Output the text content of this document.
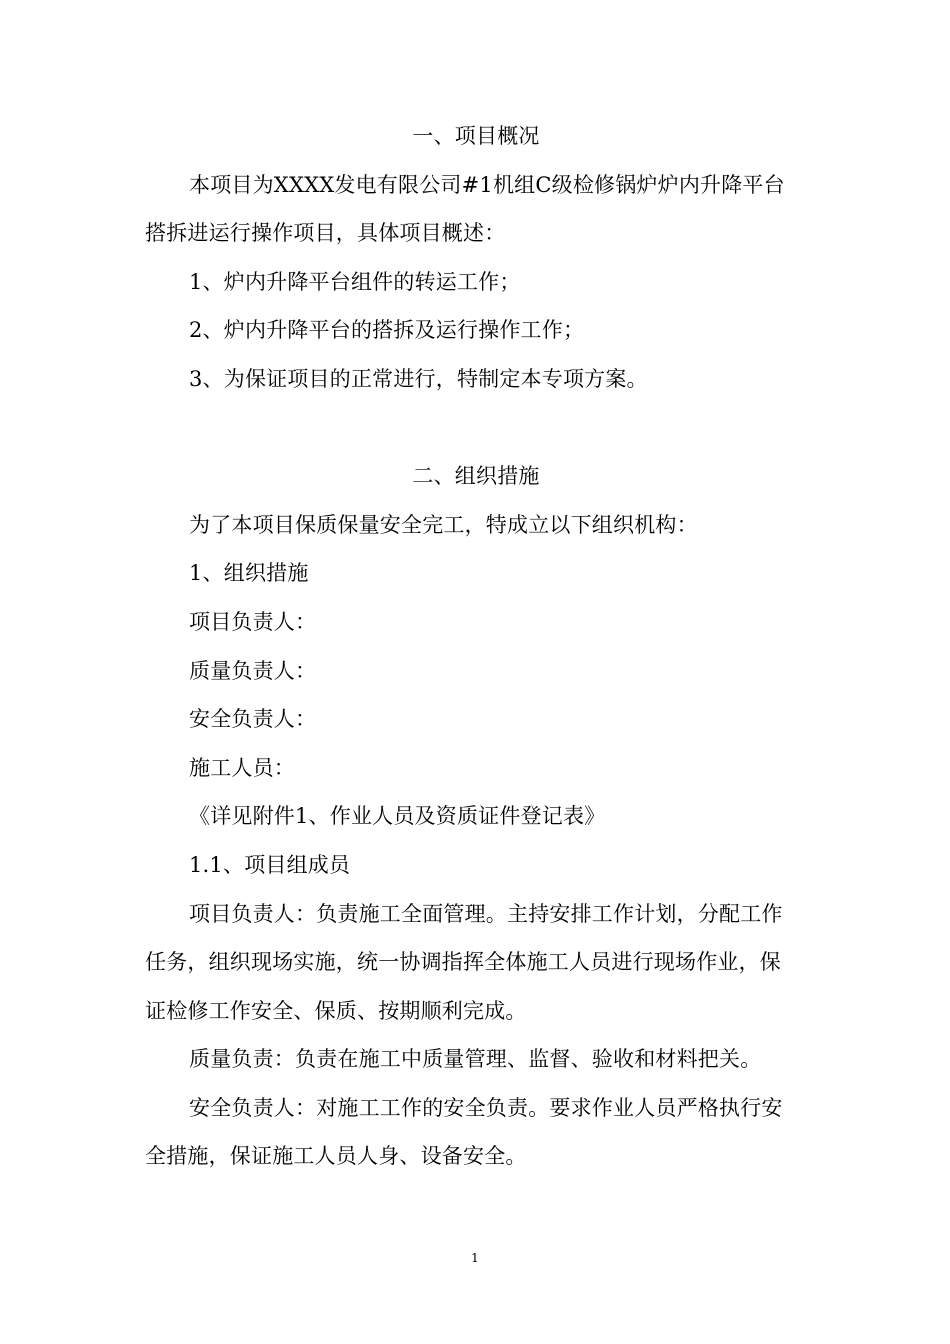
一、项目概况
本项目为XXXX发电有限公司#1机组C级检修锅炉炉内升降平台
搭拆进运行操作项目，具体项目概述：
1、炉内升降平台组件的转运工作；
2、炉内升降平台的搭拆及运行操作工作；
3、为保证项目的正常进行，特制定本专项方案。
二、组织措施
为了本项目保质保量安全完工，特成立以下组织机构：
1、组织措施
项目负责人：
质量负责人：
安全负责人：
施工人员：
《详见附件1、作业人员及资质证件登记表》
1.1、项目组成员
项目负责人：负责施工全面管理。主持安排工作计划，分配工作
任务，组织现场实施，统一协调指挥全体施工人员进行现场作业，保
证检修工作安全、保质、按期顺利完成。
质量负责：负责在施工中质量管理、监督、验收和材料把关。
安全负责人：对施工工作的安全负责。要求作业人员严格执行安
全措施，保证施工人员人身、设备安全。
1
